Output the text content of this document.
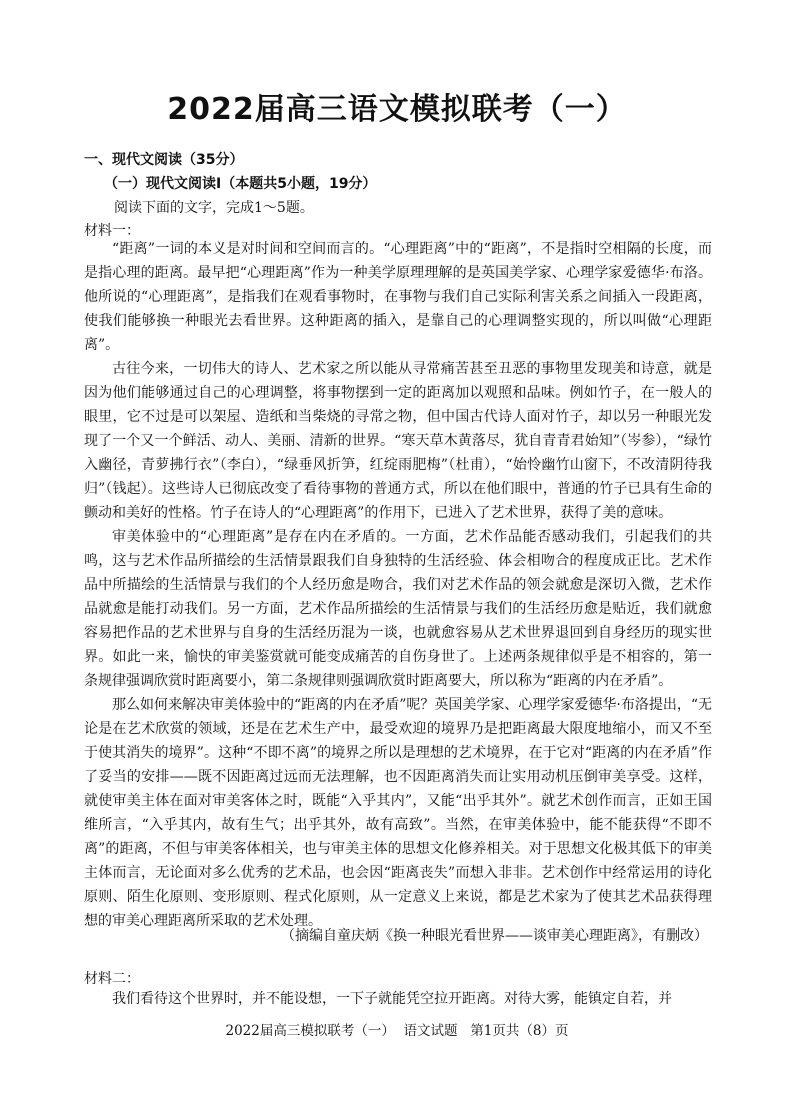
2022届高三语文模拟联考（一）
一、现代文阅读（35分）
（一）现代文阅读Ⅰ（本题共5小题，19分）
阅读下面的文字，完成1～5题。
材料一：

“距离”一词的本义是对时间和空间而言的。“心理距离”中的“距离”，不是指时空相隔的长度，而是指心理的距离。最早把“心理距离”作为一种美学原理理解的是英国美学家、心理学家爱德华·布洛。他所说的“心理距离”，是指我们在观看事物时，在事物与我们自己实际利害关系之间插入一段距离，使我们能够换一种眼光去看世界。这种距离的插入，是靠自己的心理调整实现的，所以叫做“心理距离”。

古往今来，一切伟大的诗人、艺术家之所以能从寻常痛苦甚至丑恶的事物里发现美和诗意，就是因为他们能够通过自己的心理调整，将事物摆到一定的距离加以观照和品味。例如竹子，在一般人的眼里，它不过是可以架屋、造纸和当柴烧的寻常之物，但中国古代诗人面对竹子，却以另一种眼光发现了一个又一个鲜活、动人、美丽、清新的世界。“寒天草木黄落尽，犹自青青君始知”（岑参），“绿竹入幽径，青萝拂行衣”（李白），“绿垂风折笋，红绽雨肥梅”（杜甫），“始怜幽竹山窗下，不改清阴待我归”（钱起）。这些诗人已彻底改变了看待事物的普通方式，所以在他们眼中，普通的竹子已具有生命的颤动和美好的性格。竹子在诗人的“心理距离”的作用下，已进入了艺术世界，获得了美的意味。

审美体验中的“心理距离”是存在内在矛盾的。一方面，艺术作品能否感动我们，引起我们的共鸣，这与艺术作品所描绘的生活情景跟我们自身独特的生活经验、体会相吻合的程度成正比。艺术作品中所描绘的生活情景与我们的个人经历愈是吻合，我们对艺术作品的领会就愈是深切入微，艺术作品就愈是能打动我们。另一方面，艺术作品所描绘的生活情景与我们的生活经历愈是贴近，我们就愈容易把作品的艺术世界与自身的生活经历混为一谈，也就愈容易从艺术世界退回到自身经历的现实世界。如此一来，愉快的审美鉴赏就可能变成痛苦的自伤身世了。上述两条规律似乎是不相容的，第一条规律强调欣赏时距离要小，第二条规律则强调欣赏时距离要大，所以称为“距离的内在矛盾”。

那么如何来解决审美体验中的“距离的内在矛盾”呢？英国美学家、心理学家爱德华·布洛提出，“无论是在艺术欣赏的领域，还是在艺术生产中，最受欢迎的境界乃是把距离最大限度地缩小，而又不至于使其消失的境界”。这种“不即不离”的境界之所以是理想的艺术境界，在于它对“距离的内在矛盾”作了妥当的安排——既不因距离过远而无法理解，也不因距离消失而让实用动机压倒审美享受。这样，就使审美主体在面对审美客体之时，既能“入乎其内”，又能“出乎其外”。就艺术创作而言，正如王国维所言，“入乎其内，故有生气；出乎其外，故有高致”。当然，在审美体验中，能不能获得“不即不离”的距离，不但与审美客体相关，也与审美主体的思想文化修养相关。对于思想文化极其低下的审美主体而言，无论面对多么优秀的艺术品，也会因“距离丧失”而想入非非。艺术创作中经常运用的诗化原则、陌生化原则、变形原则、程式化原则，从一定意义上来说，都是艺术家为了使其艺术品获得理想的审美心理距离所采取的艺术处理。

（摘编自童庆炳《换一种眼光看世界——谈审美心理距离》，有删改）
材料二：

我们看待这个世界时，并不能设想，一下子就能凭空拉开距离。对待大雾，能镇定自若，并

2022届高三模拟联考（一）  语文试题   第1页共（8）页
